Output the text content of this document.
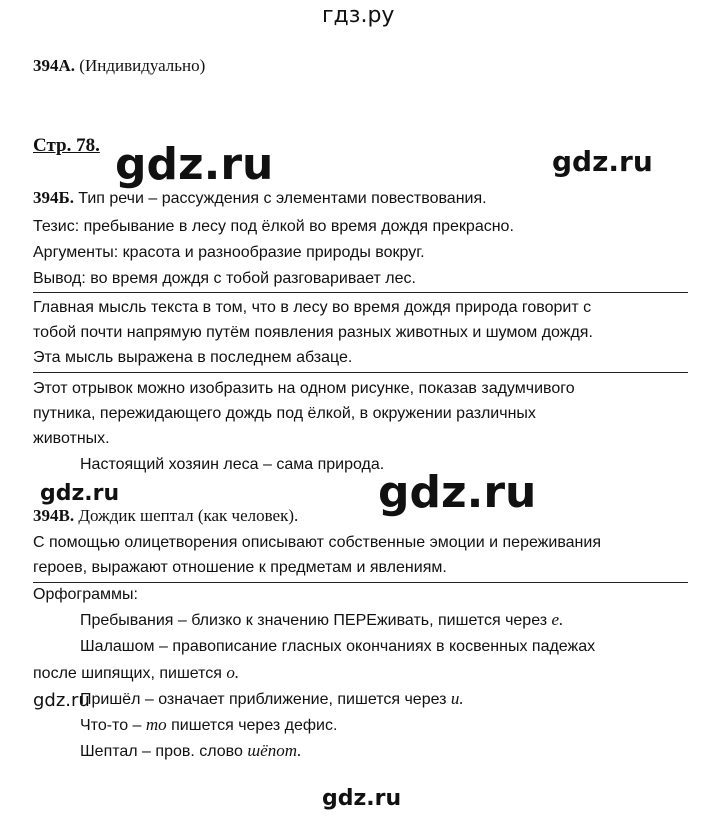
гдз.ру
394А. (Индивидуально)
Стр. 78. gdz.ru	gdz.ru
394Б. Тип речи – рассуждения с элементами повествования.
Тезис: пребывание в лесу под ёлкой во время дождя прекрасно.
Аргументы: красота и разнообразие природы вокруг.
Вывод: во время дождя с тобой разговаривает лес.
Главная мысль текста в том, что в лесу во время дождя природа говорит с
тобой почти напрямую путём появления разных животных и шумом дождя.
Эта мысль выражена в последнем абзаце.
Этот отрывок можно изобразить на одном рисунке, показав задумчивого
путника, пережидающего дождь под ёлкой, в окружении различных
животных.
Настоящий хозяин леса – сама природа.
gdz.ru	gdz.ru
394В. Дождик шептал (как человек).
С помощью олицетворения описывают собственные эмоции и переживания
героев, выражают отношение к предметам и явлениям.
Орфограммы:
Пребывания – близко к значению ПЕРЕживать, пишется через е.
Шалашом – правописание гласных окончаниях в косвенных падежах
после шипящих, пишется о.
gdz.ru
Пришёл – означает приближение, пишется через и.
Что-то – то пишется через дефис.
Шептал – пров. слово шёпот.
gdz.ru
